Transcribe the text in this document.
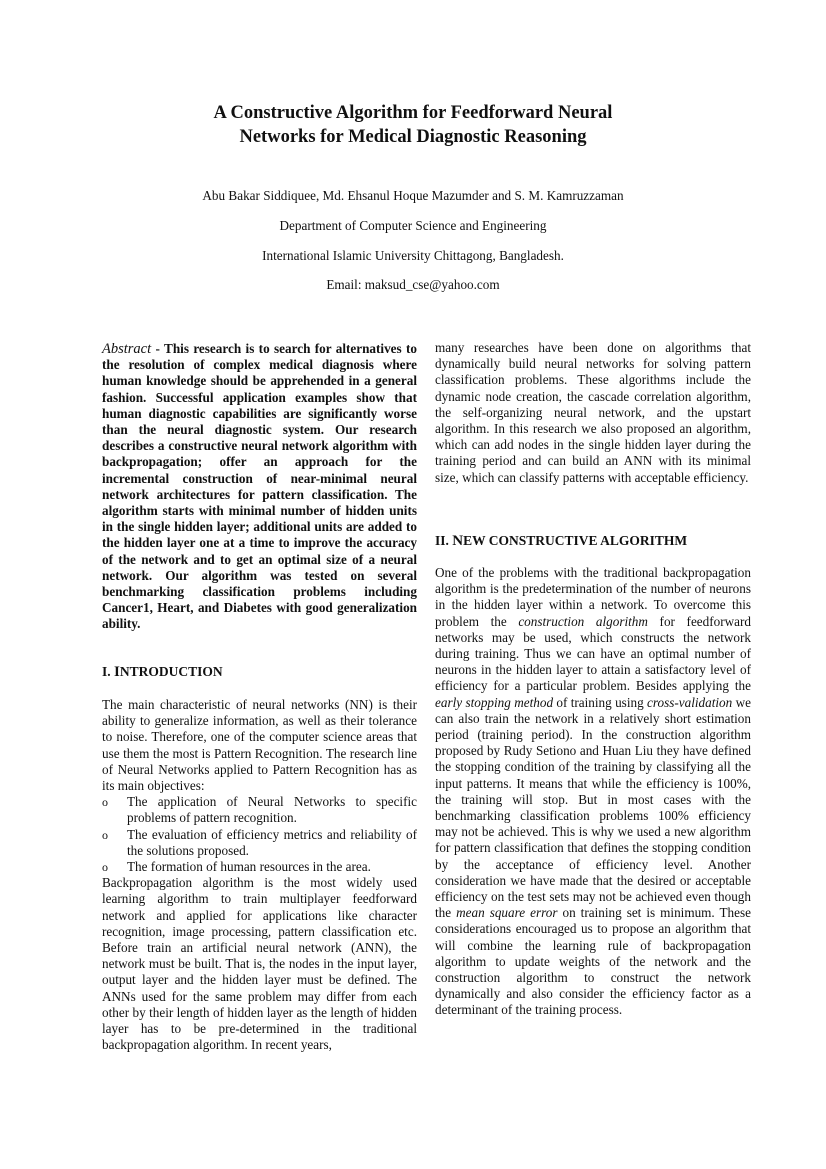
A Constructive Algorithm for Feedforward Neural
Networks for Medical Diagnostic Reasoning
Abu Bakar Siddiquee, Md. Ehsanul Hoque Mazumder and S. M. Kamruzzaman
Department of Computer Science and Engineering
International Islamic University Chittagong, Bangladesh.
Email: maksud_cse@yahoo.com
Abstract - This research is to search for alternatives to the resolution of complex medical diagnosis where human knowledge should be apprehended in a general fashion. Successful application examples show that human diagnostic capabilities are significantly worse than the neural diagnostic system. Our research describes a constructive neural network algorithm with backpropagation; offer an approach for the incremental construction of near-minimal neural network architectures for pattern classification. The algorithm starts with minimal number of hidden units in the single hidden layer; additional units are added to the hidden layer one at a time to improve the accuracy of the network and to get an optimal size of a neural network. Our algorithm was tested on several benchmarking classification problems including Cancer1, Heart, and Diabetes with good generalization ability.
I. INTRODUCTION

The main characteristic of neural networks (NN) is their ability to generalize information, as well as their tolerance to noise. Therefore, one of the computer science areas that use them the most is Pattern Recognition. The research line of Neural Networks applied to Pattern Recognition has as its main objectives:

o The application of Neural Networks to specific problems of pattern recognition.
o The evaluation of efficiency metrics and reliability of the solutions proposed.
o The formation of human resources in the area.

Backpropagation algorithm is the most widely used learning algorithm to train multiplayer feedforward network and applied for applications like character recognition, image processing, pattern classification etc. Before train an artificial neural network (ANN), the network must be built. That is, the nodes in the input layer, output layer and the hidden layer must be defined. The ANNs used for the same problem may differ from each other by their length of hidden layer as the length of hidden layer has to be pre-determined in the traditional backpropagation algorithm. In recent years,

many researches have been done on algorithms that dynamically build neural networks for solving pattern classification problems. These algorithms include the dynamic node creation, the cascade correlation algorithm, the self-organizing neural network, and the upstart algorithm. In this research we also proposed an algorithm, which can add nodes in the single hidden layer during the training period and can build an ANN with its minimal size, which can classify patterns with acceptable efficiency.

II. NEW CONSTRUCTIVE ALGORITHM

One of the problems with the traditional backpropagation algorithm is the predetermination of the number of neurons in the hidden layer within a network. To overcome this problem the construction algorithm for feedforward networks may be used, which constructs the network during training. Thus we can have an optimal number of neurons in the hidden layer to attain a satisfactory level of efficiency for a particular problem. Besides applying the early stopping method of training using cross-validation we can also train the network in a relatively short estimation period (training period). In the construction algorithm proposed by Rudy Setiono and Huan Liu they have defined the stopping condition of the training by classifying all the input patterns. It means that while the efficiency is 100%, the training will stop. But in most cases with the benchmarking classification problems 100% efficiency may not be achieved. This is why we used a new algorithm for pattern classification that defines the stopping condition by the acceptance of efficiency level. Another consideration we have made that the desired or acceptable efficiency on the test sets may not be achieved even though the mean square error on training set is minimum. These considerations encouraged us to propose an algorithm that will combine the learning rule of backpropagation algorithm to update weights of the network and the construction algorithm to construct the network dynamically and also consider the efficiency factor as a determinant of the training process.
